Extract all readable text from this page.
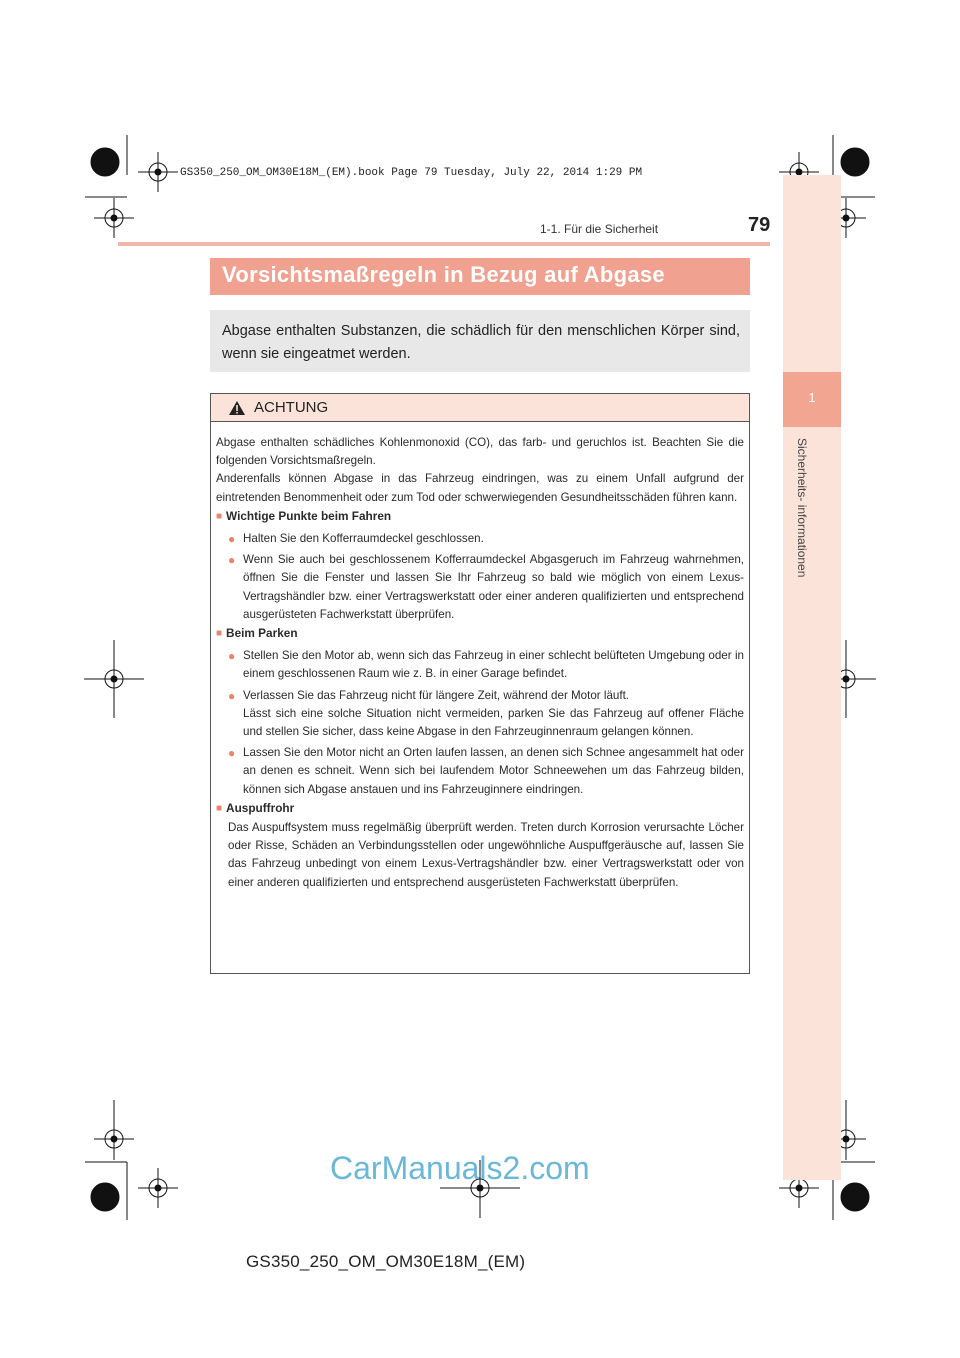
GS350_250_OM_OM30E18M_(EM).book Page 79 Tuesday, July 22, 2014 1:29 PM
1
Sicherheits- informationen
1-1. Für die Sicherheit	79
Vorsichtsmaßregeln in Bezug auf Abgase
Abgase enthalten Substanzen, die schädlich für den menschlichen Körper sind, wenn sie eingeatmet werden.
ACHTUNG

Abgase enthalten schädliches Kohlenmonoxid (CO), das farb- und geruchlos ist. Beachten Sie die folgenden Vorsichtsmaßregeln.

Anderenfalls können Abgase in das Fahrzeug eindringen, was zu einem Unfall aufgrund der eintretenden Benommenheit oder zum Tod oder schwerwiegenden Gesundheitsschäden führen kann.

■ Wichtige Punkte beim Fahren

● Halten Sie den Kofferraumdeckel geschlossen.
● Wenn Sie auch bei geschlossenem Kofferraumdeckel Abgasgeruch im Fahrzeug wahrnehmen, öffnen Sie die Fenster und lassen Sie Ihr Fahrzeug so bald wie möglich von einem Lexus-Vertragshändler bzw. einer Vertragswerkstatt oder einer anderen qualifizierten und entsprechend ausgerüsteten Fachwerkstatt überprüfen.

■ Beim Parken

● Stellen Sie den Motor ab, wenn sich das Fahrzeug in einer schlecht belüfteten Umgebung oder in einem geschlossenen Raum wie z. B. in einer Garage befindet.
● Verlassen Sie das Fahrzeug nicht für längere Zeit, während der Motor läuft.
Lässt sich eine solche Situation nicht vermeiden, parken Sie das Fahrzeug auf offener Fläche und stellen Sie sicher, dass keine Abgase in den Fahrzeuginnenraum gelangen können.
● Lassen Sie den Motor nicht an Orten laufen lassen, an denen sich Schnee angesammelt hat oder an denen es schneit. Wenn sich bei laufendem Motor Schneewehen um das Fahrzeug bilden, können sich Abgase anstauen und ins Fahrzeuginnere eindringen.

■ Auspuffrohr

Das Auspuffsystem muss regelmäßig überprüft werden. Treten durch Korrosion verursachte Löcher oder Risse, Schäden an Verbindungsstellen oder ungewöhnliche Auspuffgeräusche auf, lassen Sie das Fahrzeug unbedingt von einem Lexus-Vertragshändler bzw. einer Vertragswerkstatt oder von einer anderen qualifizierten und entsprechend ausgerüsteten Fachwerkstatt überprüfen.

CarManuals2.com
GS350_250_OM_OM30E18M_(EM)
